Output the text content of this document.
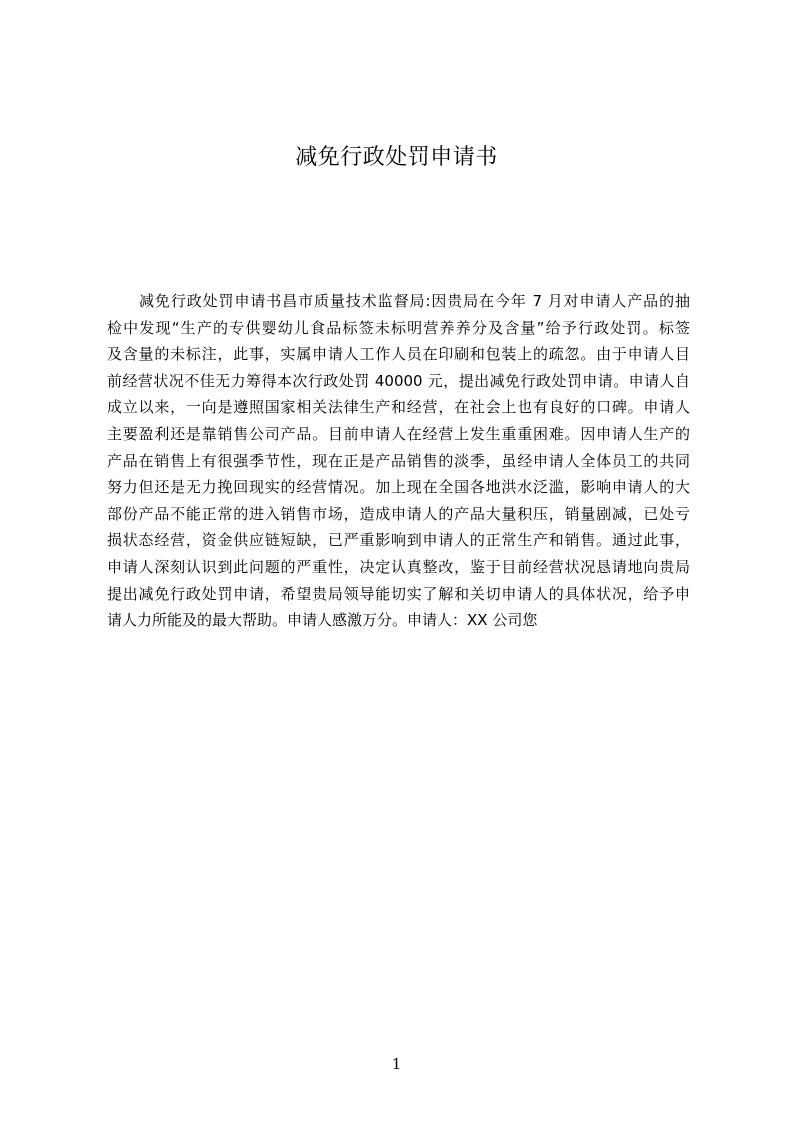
减免行政处罚申请书
减免行政处罚申请书昌市质量技术监督局:因贵局在今年 7 月对申请人产品的抽
检中发现“生产的专供婴幼儿食品标签未标明营养养分及含量”给予行政处罚。标签
及含量的未标注，此事，实属申请人工作人员在印刷和包装上的疏忽。由于申请人目
前经营状况不佳无力筹得本次行政处罚 40000 元，提出减免行政处罚申请。申请人自
成立以来，一向是遵照国家相关法律生产和经营，在社会上也有良好的口碑。申请人
主要盈利还是靠销售公司产品。目前申请人在经营上发生重重困难。因申请人生产的
产品在销售上有很强季节性，现在正是产品销售的淡季，虽经申请人全体员工的共同
努力但还是无力挽回现实的经营情况。加上现在全国各地洪水泛滥，影响申请人的大
部份产品不能正常的进入销售市场，造成申请人的产品大量积压，销量剧减，已处亏
损状态经营，资金供应链短缺，已严重影响到申请人的正常生产和销售。通过此事，
申请人深刻认识到此问题的严重性，决定认真整改，鉴于目前经营状况恳请地向贵局
提出减免行政处罚申请，希望贵局领导能切实了解和关切申请人的具体状况，给予申
请人力所能及的最大帮助。申请人感激万分。申请人：XX 公司您
1
